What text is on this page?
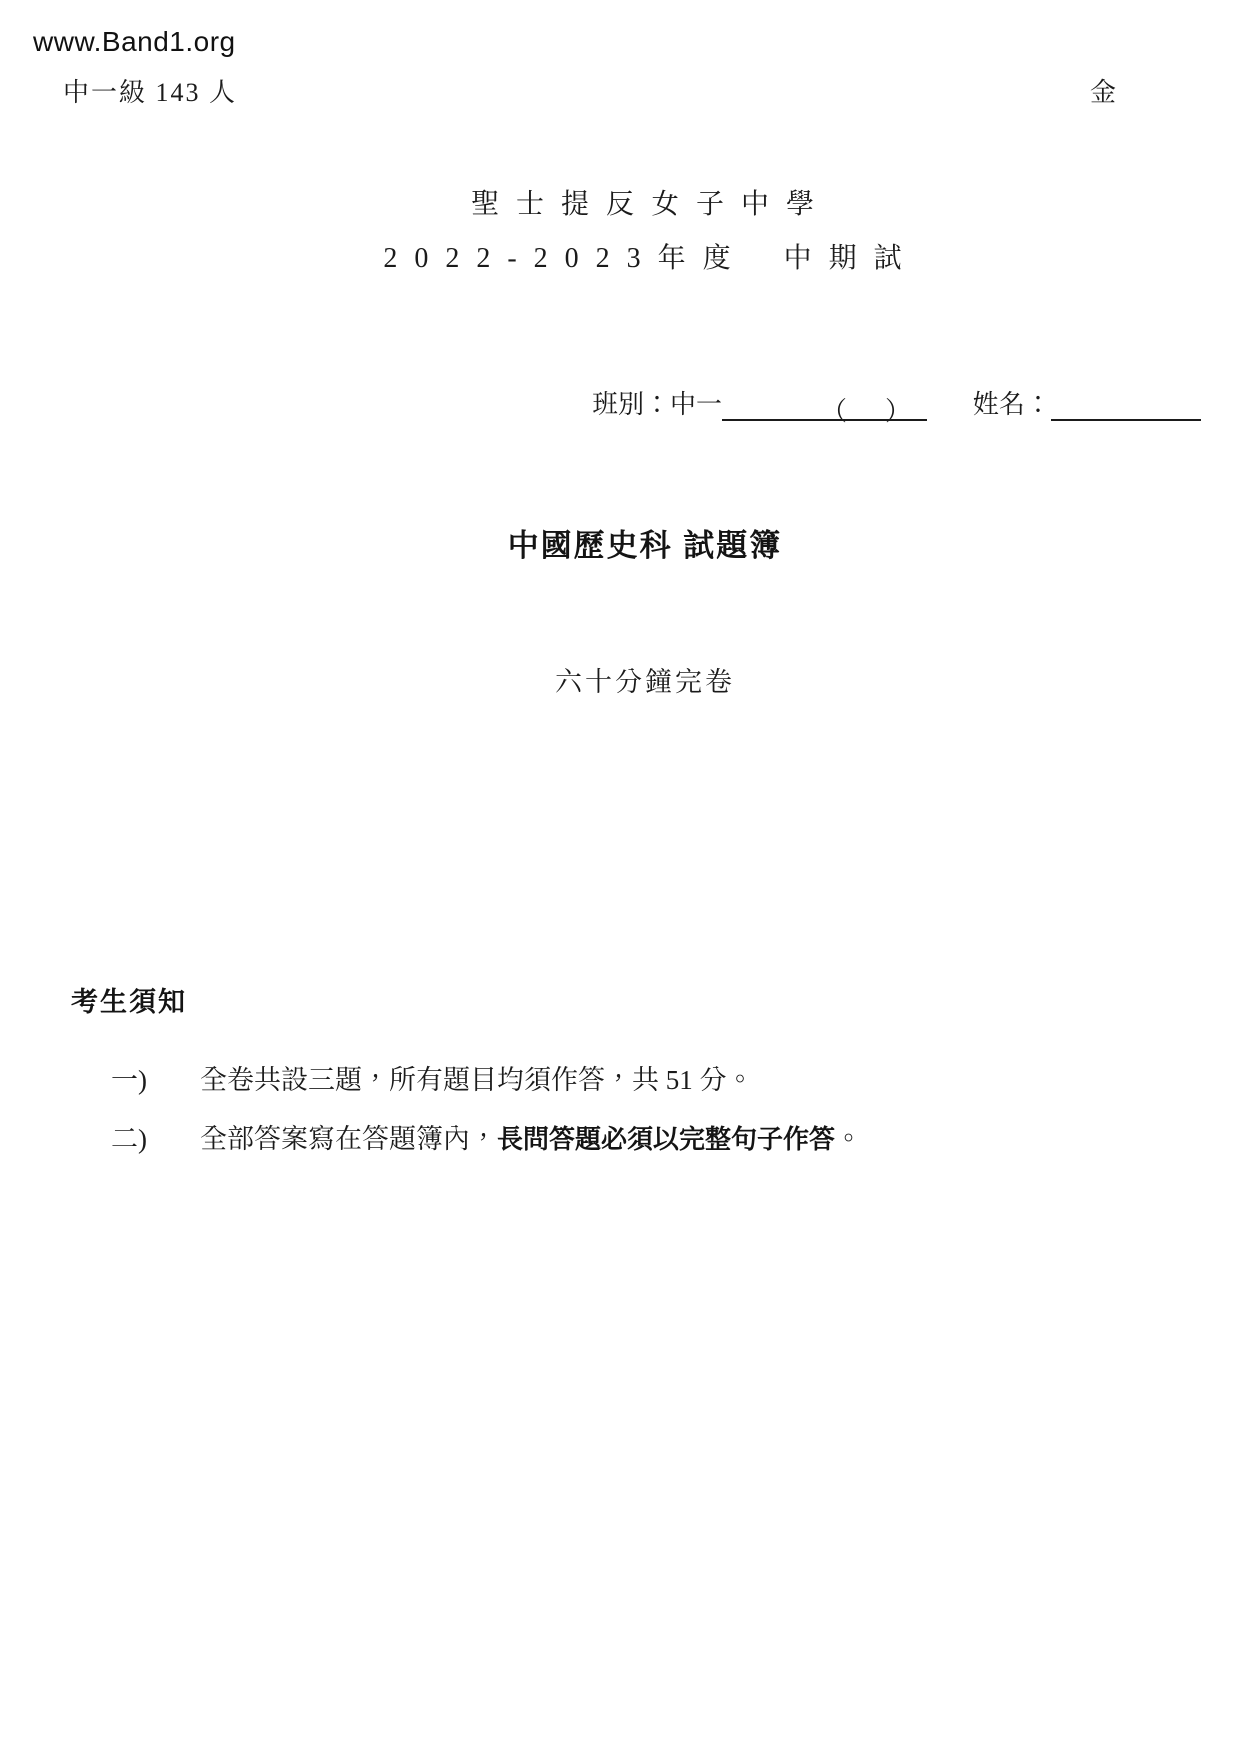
www.Band1.org
中一級 143 人	金
聖 士 提 反 女 子 中 學
2 0 2 2 - 2 0 2 3 年 度 中 期 試
班別：中一	（　） 姓名：
中國歷史科 試題簿
六十分鐘完卷
考生須知
一) 全卷共設三題，所有題目均須作答，共 51 分。
二) 全部答案寫在答題簿內，長問答題必須以完整句子作答。
